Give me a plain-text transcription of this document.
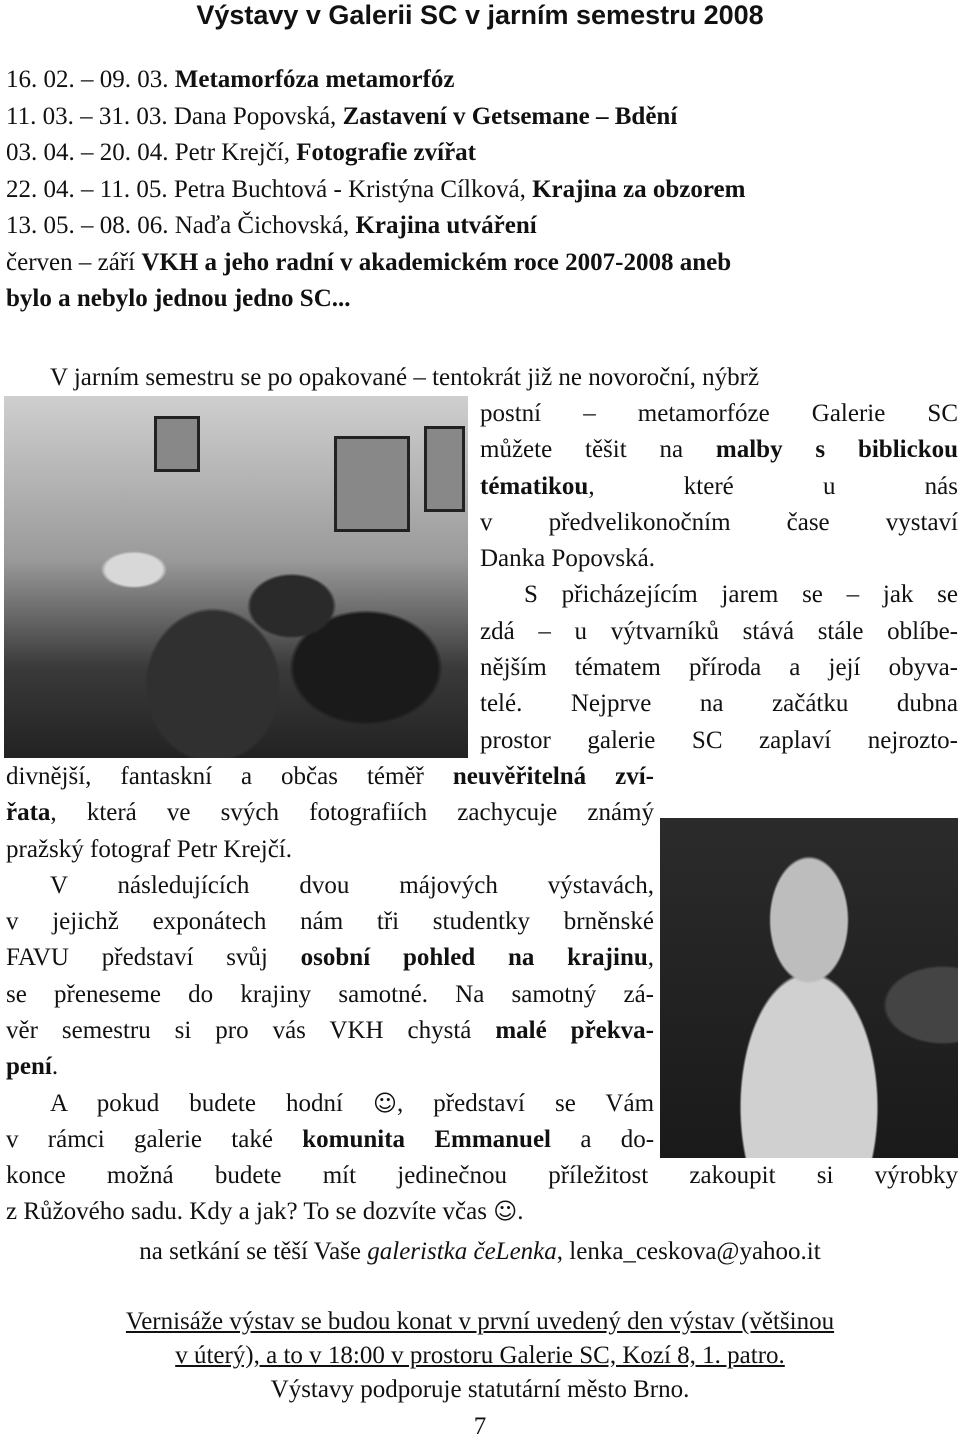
Výstavy v Galerii SC v jarním semestru 2008
16. 02. – 09. 03. Metamorfóza metamorfóz
11. 03. – 31. 03. Dana Popovská, Zastavení v Getsemane – Bdění
03. 04. – 20. 04. Petr Krejčí, Fotografie zvířat
22. 04. – 11. 05. Petra Buchtová - Kristýna Cílková, Krajina za obzorem
13. 05. – 08. 06. Naďa Čichovská, Krajina utváření
červen – září VKH a jeho radní v akademickém roce 2007-2008 aneb
bylo a nebylo jednou jedno SC...

V jarním semestru se po opakované – tentokrát již ne novoroční, nýbrž

postní – metamorfóze Galerie SC

můžete těšit na malby s biblickou

tématikou, které u nás

v předvelikonočním čase vystaví

Danka Popovská.

S přicházejícím jarem se – jak se

zdá – u výtvarníků stává stále oblíbe-

nějším tématem příroda a její obyva-

telé. Nejprve na začátku dubna

prostor galerie SC zaplaví nejrozto-

divnější, fantaskní a občas téměř neuvěřitelná zví-

řata, která ve svých fotografiích zachycuje známý

pražský fotograf Petr Krejčí.

V následujících dvou májových výstavách,

v jejichž exponátech nám tři studentky brněnské

FAVU představí svůj osobní pohled na krajinu,

se přeneseme do krajiny samotné. Na samotný zá-

věr semestru si pro vás VKH chystá malé překva-

pení.

A pokud budete hodní ☺, představí se Vám

v rámci galerie také komunita Emmanuel a do-

konce možná budete mít jedinečnou příležitost zakoupit si výrobky

z Růžového sadu. Kdy a jak? To se dozvíte včas ☺.

na setkání se těší Vaše galeristka čeLenka, lenka_ceskova@yahoo.it
Vernisáže výstav se budou konat v první uvedený den výstav (většinou
v úterý), a to v 18:00 v prostoru Galerie SC, Kozí 8, 1. patro.
Výstavy podporuje statutární město Brno.
7
